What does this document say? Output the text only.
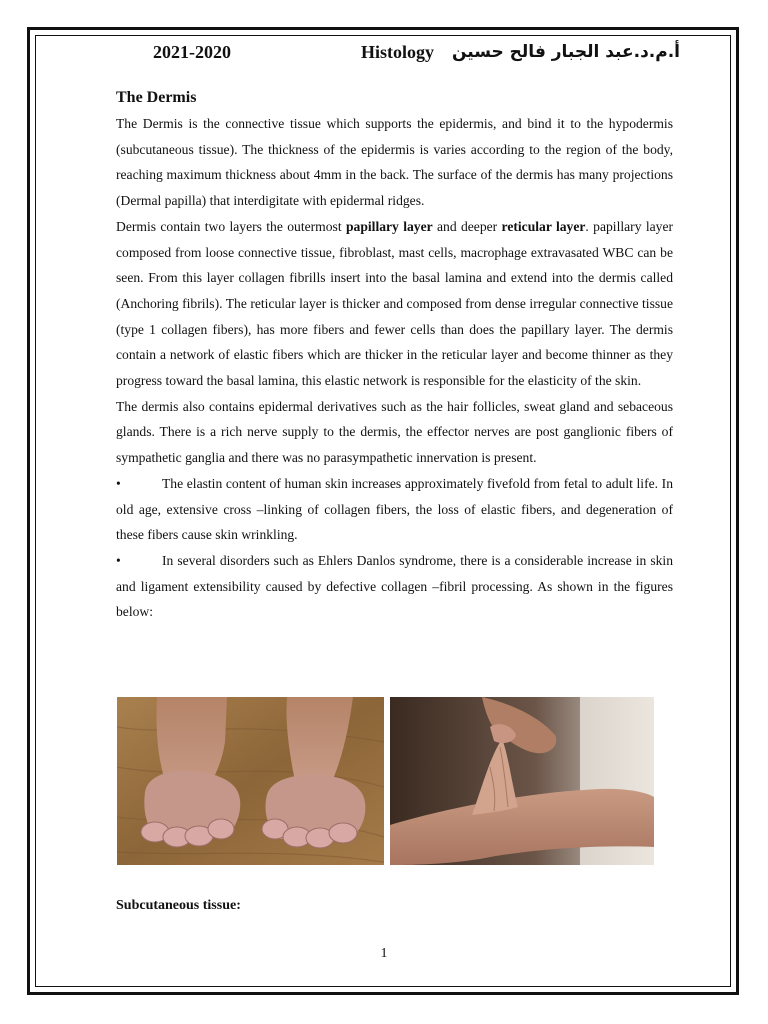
2021-2020	Histology أ.م.د.عبد الجبار فالح حسين
The Dermis

The Dermis is the connective tissue which supports the epidermis, and bind it to the hypodermis (subcutaneous tissue). The thickness of the epidermis is varies according to the region of the body, reaching maximum thickness about 4mm in the back. The surface of the dermis has many projections (Dermal papilla) that interdigitate with epidermal ridges.

Dermis contain two layers the outermost papillary layer and deeper reticular layer. papillary layer composed from loose connective tissue, fibroblast, mast cells, macrophage extravasated WBC can be seen. From this layer collagen fibrills insert into the basal lamina and extend into the dermis called (Anchoring fibrils). The reticular layer is thicker and composed from dense irregular connective tissue (type 1 collagen fibers), has more fibers and fewer cells than does the papillary layer. The dermis contain a network of elastic fibers which are thicker in the reticular layer and become thinner as they progress toward the basal lamina, this elastic network is responsible for the elasticity of the skin.

The dermis also contains epidermal derivatives such as the hair follicles, sweat gland and sebaceous glands. There is a rich nerve supply to the dermis, the effector nerves are post ganglionic fibers of sympathetic ganglia and there was no parasympathetic innervation is present.

•	The elastin content of human skin increases approximately fivefold from fetal to adult life. In old age, extensive cross –linking of collagen fibers, the loss of elastic fibers, and degeneration of these fibers cause skin wrinkling.

•	In several disorders such as Ehlers Danlos syndrome, there is a considerable increase in skin and ligament extensibility caused by defective collagen –fibril processing. As shown in the figures below:

Subcutaneous tissue:
1
